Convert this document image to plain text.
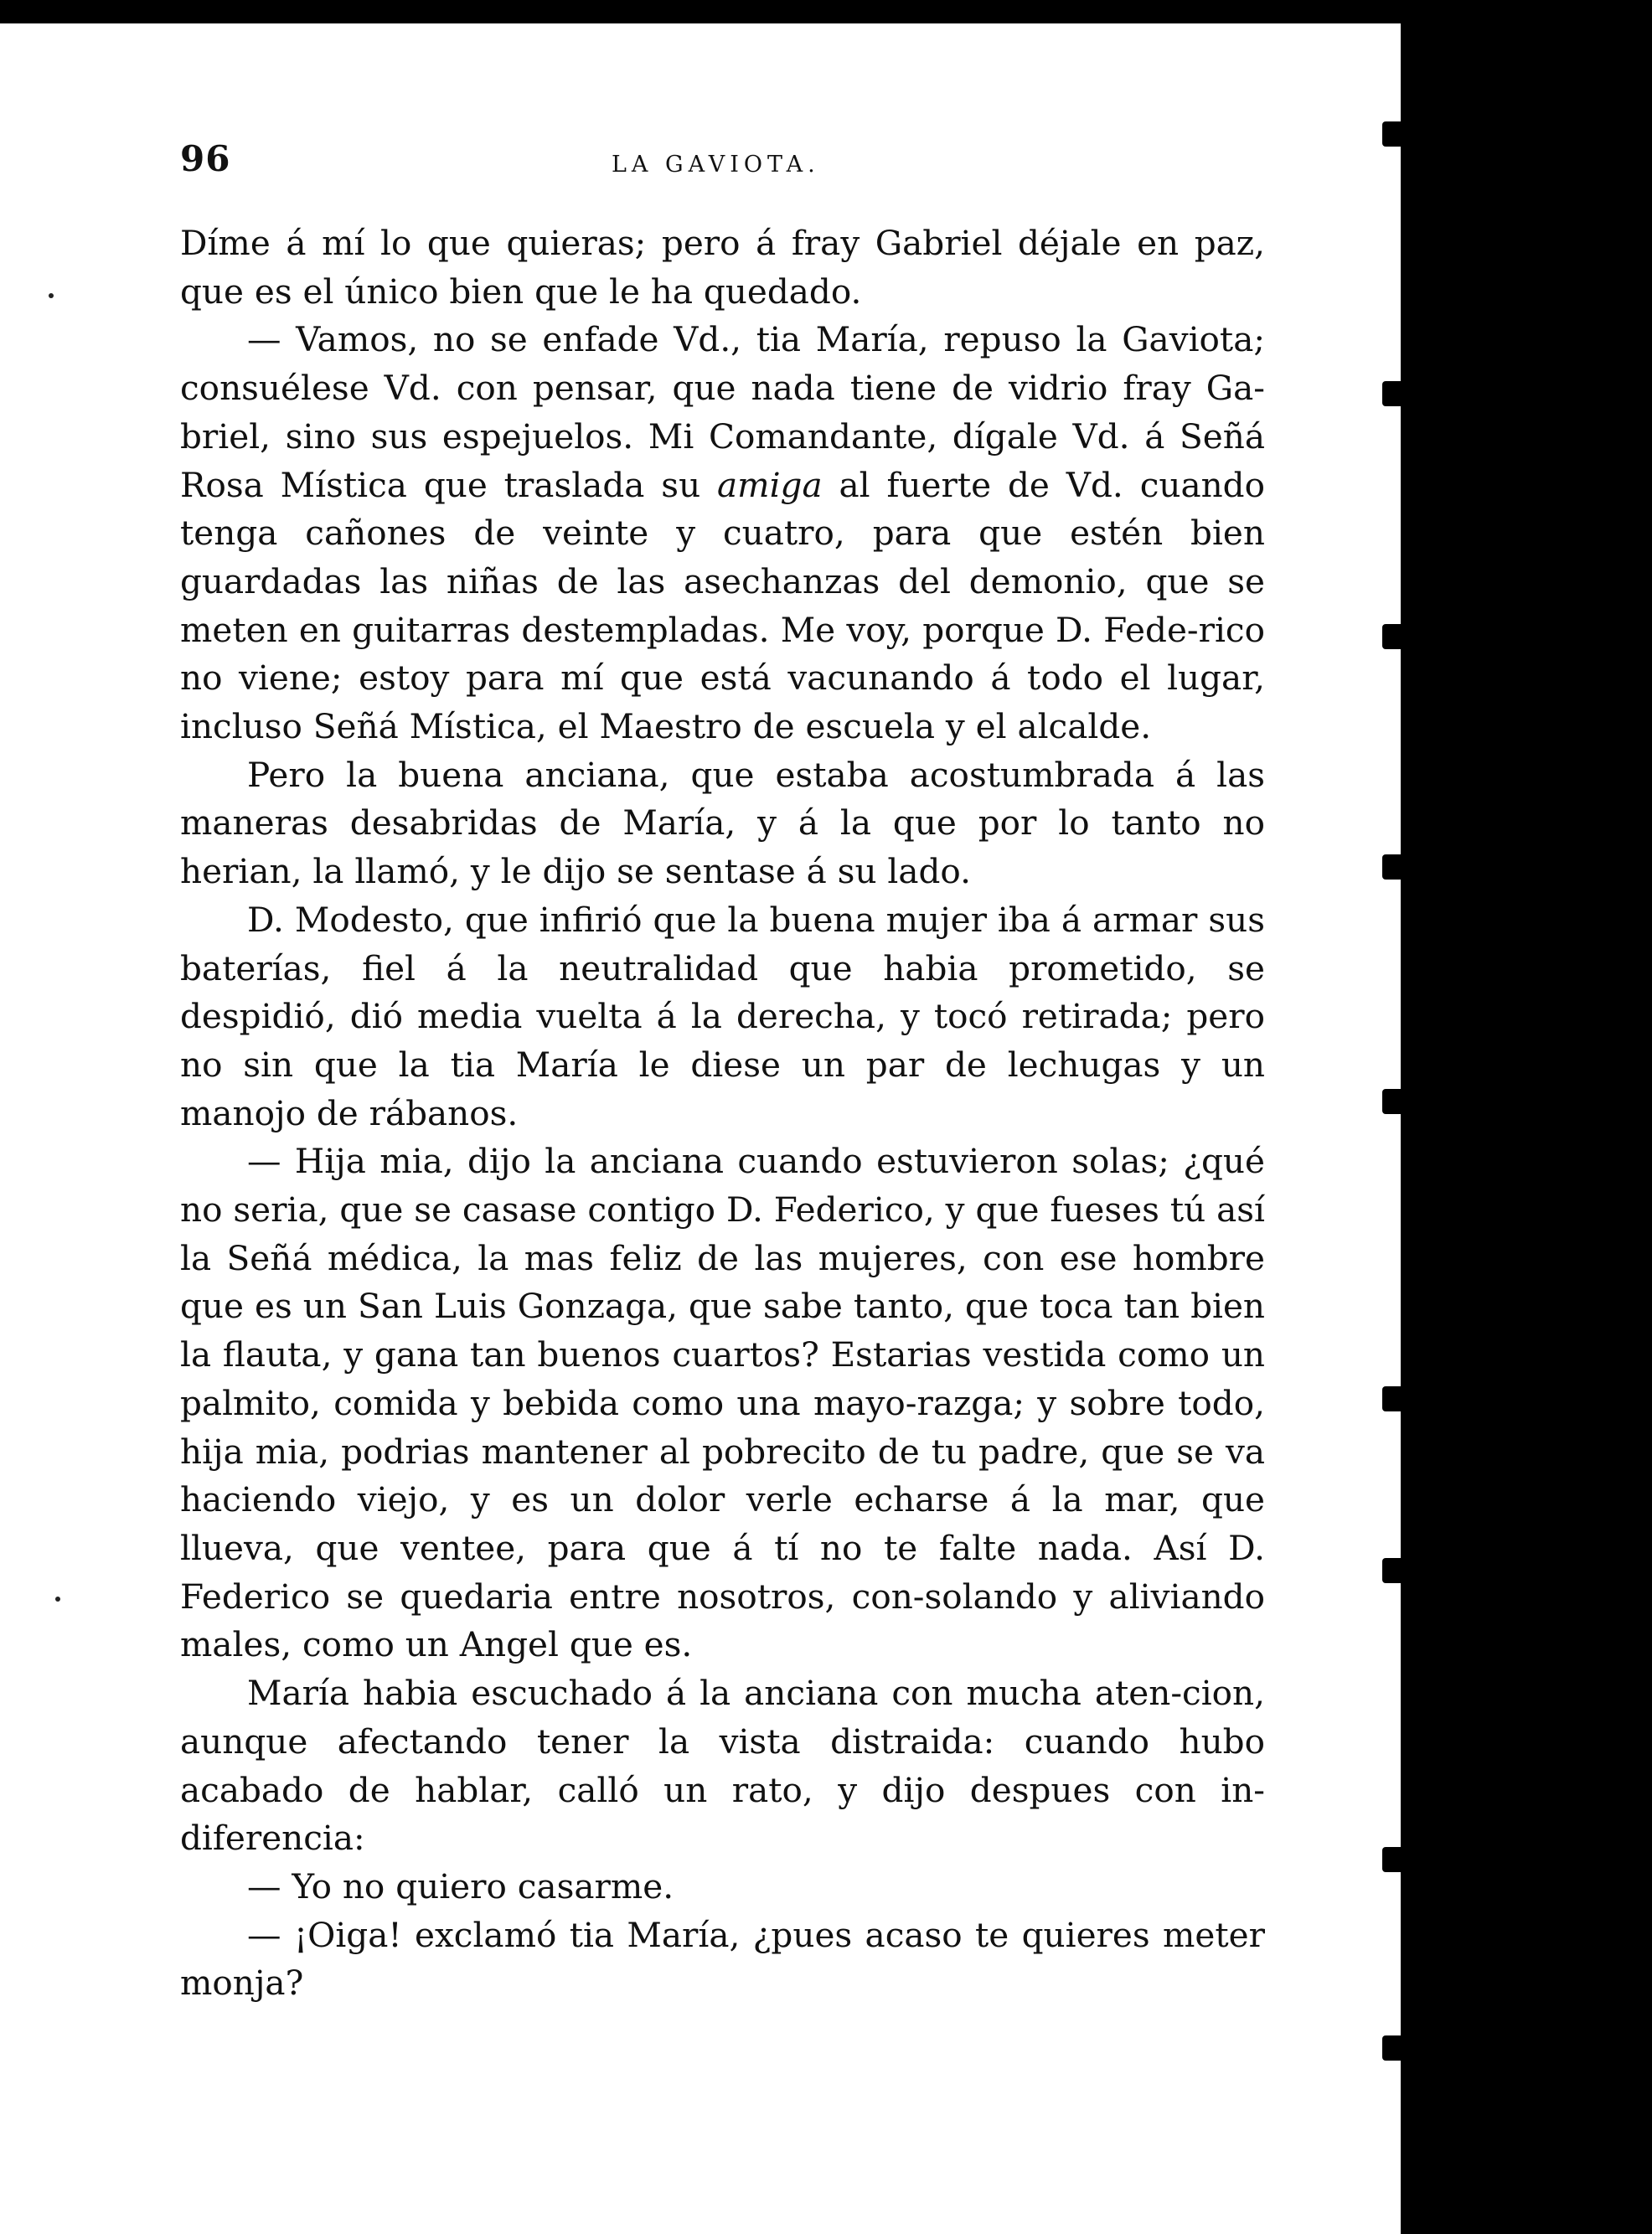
96	LA GAVIOTA.

Díme á mí lo que quieras; pero á fray Gabriel déjale en paz, que es el único bien que le ha quedado.

— Vamos, no se enfade Vd., tia María, repuso la Gaviota; consuélese Vd. con pensar, que nada tiene de vidrio fray Ga-briel, sino sus espejuelos. Mi Comandante, dígale Vd. á Señá Rosa Mística que traslada su amiga al fuerte de Vd. cuando tenga cañones de veinte y cuatro, para que estén bien guardadas las niñas de las asechanzas del demonio, que se meten en guitarras destempladas. Me voy, porque D. Fede-rico no viene; estoy para mí que está vacunando á todo el lugar, incluso Señá Mística, el Maestro de escuela y el alcalde.

Pero la buena anciana, que estaba acostumbrada á las maneras desabridas de María, y á la que por lo tanto no herian, la llamó, y le dijo se sentase á su lado.

D. Modesto, que infirió que la buena mujer iba á armar sus baterías, fiel á la neutralidad que habia prometido, se despidió, dió media vuelta á la derecha, y tocó retirada; pero no sin que la tia María le diese un par de lechugas y un manojo de rábanos.

— Hija mia, dijo la anciana cuando estuvieron solas; ¿qué no seria, que se casase contigo D. Federico, y que fueses tú así la Señá médica, la mas feliz de las mujeres, con ese hombre que es un San Luis Gonzaga, que sabe tanto, que toca tan bien la flauta, y gana tan buenos cuartos? Estarias vestida como un palmito, comida y bebida como una mayo-razga; y sobre todo, hija mia, podrias mantener al pobrecito de tu padre, que se va haciendo viejo, y es un dolor verle echarse á la mar, que llueva, que ventee, para que á tí no te falte nada. Así D. Federico se quedaria entre nosotros, con-solando y aliviando males, como un Angel que es.

María habia escuchado á la anciana con mucha aten-cion, aunque afectando tener la vista distraida: cuando hubo acabado de hablar, calló un rato, y dijo despues con in-diferencia:

— Yo no quiero casarme.

— ¡Oiga! exclamó tia María, ¿pues acaso te quieres meter monja?
